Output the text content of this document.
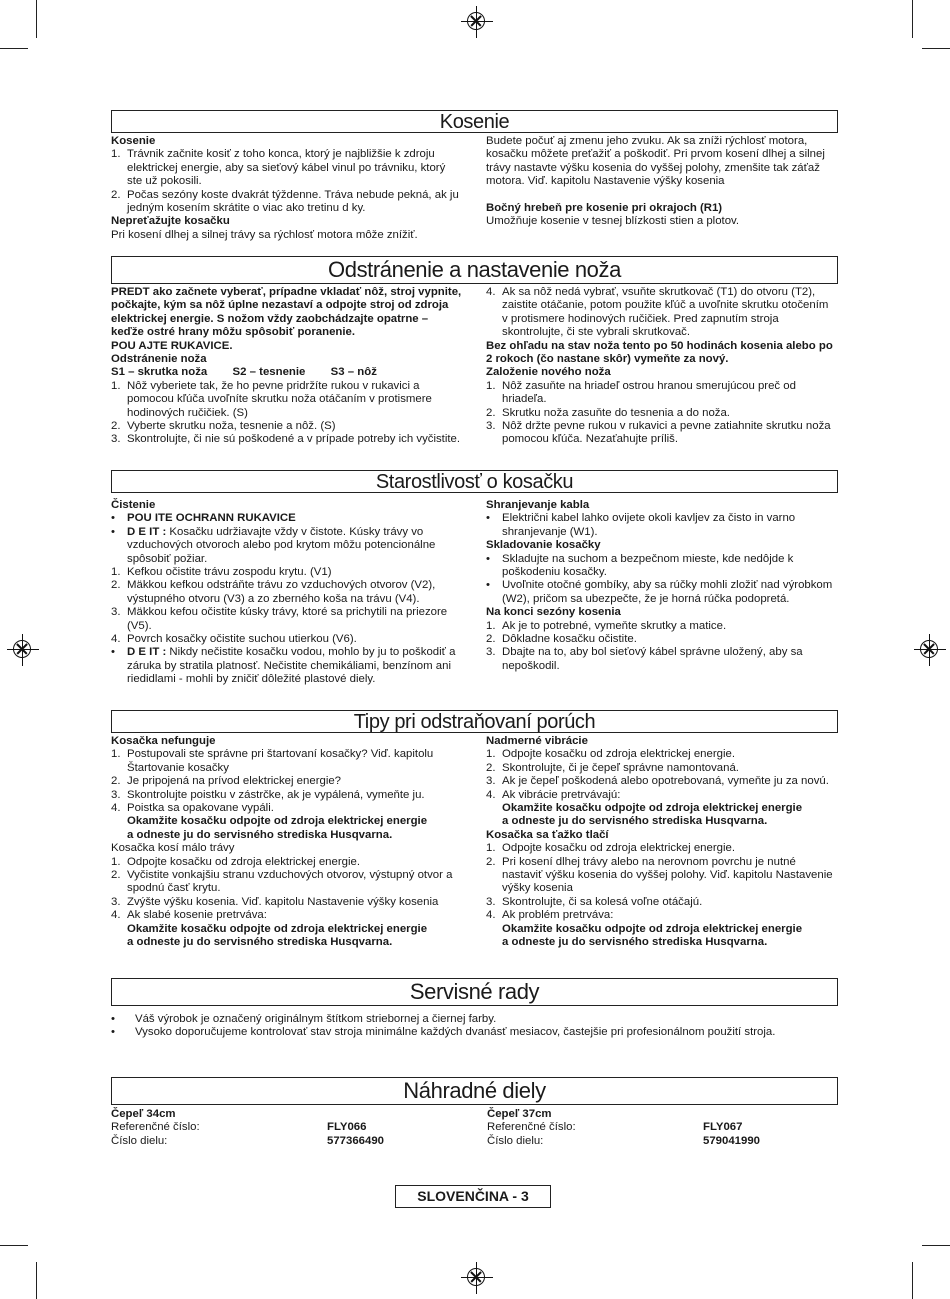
Kosenie

Kosenie

1. Trávnik začnite kosiť z toho konca, ktorý je najbližšie k zdroju elektrickej energie, aby sa sieťový kábel vinul po trávniku, ktorý ste už pokosili.
2. Počas sezóny koste dvakrát týždenne. Tráva nebude pekná, ak ju jedným kosením skrátite o viac ako tretinu d ky.

Nepreťažujte kosačku

Pri kosení dlhej a silnej trávy sa rýchlosť motora môže znížiť.

Budete počuť aj zmenu jeho zvuku. Ak sa zníži rýchlosť motora, kosačku môžete preťažiť a poškodiť. Pri prvom kosení dlhej a silnej trávy nastavte výšku kosenia do vyššej polohy, zmenšite tak záťaž motora. Viď. kapitolu Nastavenie výšky kosenia

Bočný hrebeň pre kosenie pri okrajoch (R1)

Umožňuje kosenie v tesnej blízkosti stien a plotov.

Odstránenie a nastavenie noža

PREDT ako začnete vyberať, prípadne vkladať nôž, stroj vypnite, počkajte, kým sa nôž úplne nezastaví a odpojte stroj od zdroja elektrickej energie. S nožom vždy zaobchádzajte opatrne – keďže ostré hrany môžu spôsobiť poranenie.

POU AJTE RUKAVICE.

Odstránenie noža

S1 – skrutka noža        S2 – tesnenie        S3 – nôž

1. Nôž vyberiete tak, že ho pevne pridržíte rukou v rukavici a pomocou kľúča uvoľníte skrutku noža otáčaním v protismere hodinových ručičiek. (S)
2. Vyberte skrutku noža, tesnenie a nôž. (S)
3. Skontrolujte, či nie sú poškodené a v prípade potreby ich vyčistite.
4. Ak sa nôž nedá vybrať, vsuňte skrutkovač (T1) do otvoru (T2), zaistite otáčanie, potom použite kľúč a uvoľnite skrutku otočením v protismere hodinových ručičiek. Pred zapnutím stroja skontrolujte, či ste vybrali skrutkovač.

Bez ohľadu na stav noža tento po 50 hodinách kosenia alebo po 2 rokoch (čo nastane skôr) vymeňte za nový.

Založenie nového noža

1. Nôž zasuňte na hriadeľ ostrou hranou smerujúcou preč od hriadeľa.
2. Skrutku noža zasuňte do tesnenia a do noža.
3. Nôž držte pevne rukou v rukavici a pevne zatiahnite skrutku noža pomocou kľúča. Nezaťahujte príliš.
Starostlivosť o kosačku

Čistenie

• POU ITE OCHRANN RUKAVICE
• D E IT : Kosačku udržiavajte vždy v čistote. Kúsky trávy vo vzduchových otvoroch alebo pod krytom môžu potencionálne spôsobiť požiar.
1. Kefkou očistite trávu zospodu krytu. (V1)
2. Mäkkou kefkou odstráňte trávu zo vzduchových otvorov (V2), výstupného otvoru (V3) a zo zberného koša na trávu (V4).
3. Mäkkou kefou očistite kúsky trávy, ktoré sa prichytili na priezore (V5).
4. Povrch kosačky očistite suchou utierkou (V6).
• D E IT : Nikdy nečistite kosačku vodou, mohlo by ju to poškodiť a záruka by stratila platnosť. Nečistite chemikáliami, benzínom ani riedidlami - mohli by zničiť dôležité plastové diely.

Shranjevanje kabla

• Električni kabel lahko ovijete okoli kavljev za čisto in varno shranjevanje (W1).

Skladovanie kosačky

• Skladujte na suchom a bezpečnom mieste, kde nedôjde k poškodeniu kosačky.
• Uvoľnite otočné gombíky, aby sa rúčky mohli zložiť nad výrobkom (W2), pričom sa ubezpečte, že je horná rúčka podopretá.

Na konci sezóny kosenia

1. Ak je to potrebné, vymeňte skrutky a matice.
2. Dôkladne kosačku očistite.
3. Dbajte na to, aby bol sieťový kábel správne uložený, aby sa nepoškodil.
Tipy pri odstraňovaní porúch

Kosačka nefunguje

1. Postupovali ste správne pri štartovaní kosačky? Viď. kapitolu Štartovanie kosačky
2. Je pripojená na prívod elektrickej energie?
3. Skontrolujte poistku v zástrčke, ak je vypálená, vymeňte ju.
4. Poistka sa opakovane vypáli.

Okamžite kosačku odpojte od zdroja elektrickej energie

a odneste ju do servisného strediska Husqvarna.

Kosačka kosí málo trávy

1. Odpojte kosačku od zdroja elektrickej energie.
2. Vyčistite vonkajšiu stranu vzduchových otvorov, výstupný otvor a spodnú časť krytu.
3. Zvýšte výšku kosenia. Viď. kapitolu Nastavenie výšky kosenia
4. Ak slabé kosenie pretrváva:

Okamžite kosačku odpojte od zdroja elektrickej energie

a odneste ju do servisného strediska Husqvarna.

Nadmerné vibrácie

1. Odpojte kosačku od zdroja elektrickej energie.
2. Skontrolujte, či je čepeľ správne namontovaná.
3. Ak je čepeľ poškodená alebo opotrebovaná, vymeňte ju za novú.
4. Ak vibrácie pretrvávajú:

Okamžite kosačku odpojte od zdroja elektrickej energie

a odneste ju do servisného strediska Husqvarna.

Kosačka sa ťažko tlačí

1. Odpojte kosačku od zdroja elektrickej energie.
2. Pri kosení dlhej trávy alebo na nerovnom povrchu je nutné nastaviť výšku kosenia do vyššej polohy. Viď. kapitolu Nastavenie výšky kosenia
3. Skontrolujte, či sa kolesá voľne otáčajú.
4. Ak problém pretrváva:

Okamžite kosačku odpojte od zdroja elektrickej energie

a odneste ju do servisného strediska Husqvarna.

Servisné rady
• Váš výrobok je označený originálnym štítkom striebornej a čiernej farby.
• Vysoko doporučujeme kontrolovať stav stroja minimálne každých dvanásť mesiacov, častejšie pri profesionálnom použití stroja.
Náhradné diely

Čepeľ 34cm

Referenčné číslo:	FLY066
Číslo dielu:	577366490

Čepeľ 37cm

Referenčné číslo:	FLY067
Číslo dielu:	579041990
SLOVENČINA - 3
